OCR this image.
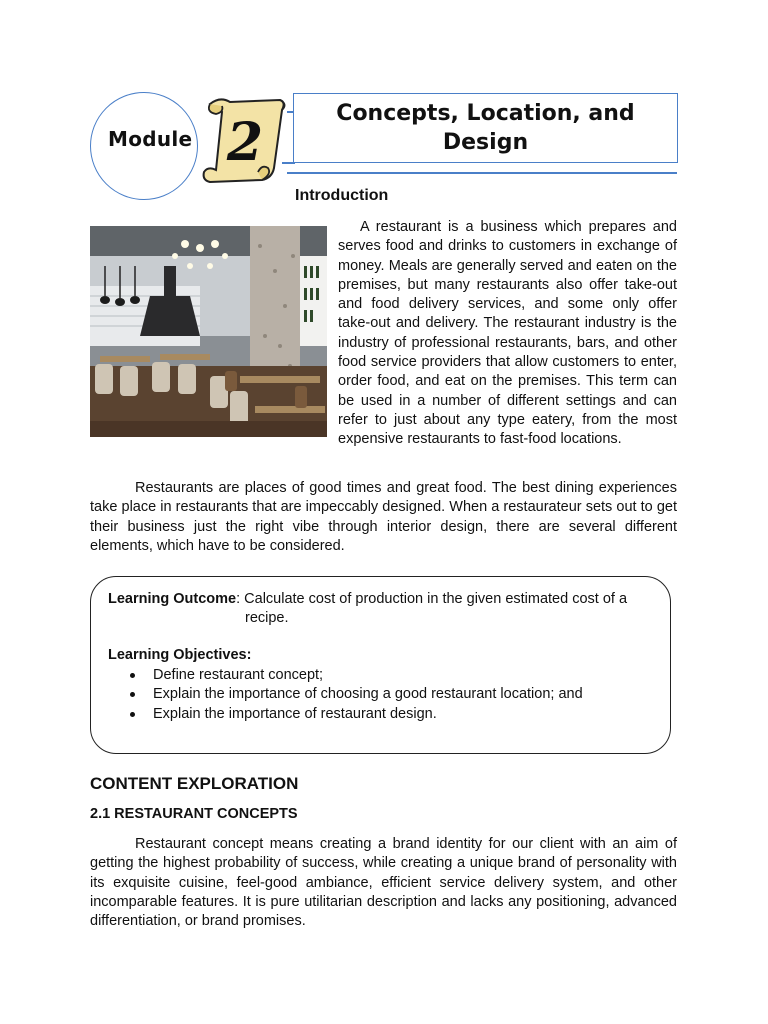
Module 2	Concepts, Location, and Design
Introduction
A restaurant is a business which prepares and serves food and drinks to customers in exchange of money. Meals are generally served and eaten on the premises, but many restaurants also offer take-out and food delivery services, and some only offer take-out and delivery. The restaurant industry is the industry of professional restaurants, bars, and other food service providers that allow customers to enter, order food, and eat on the premises. This term can be used in a number of different settings and can refer to just about any type eatery, from the most expensive restaurants to fast-food locations.
Restaurants are places of good times and great food. The best dining experiences take place in restaurants that are impeccably designed. When a restaurateur sets out to get their business just the right vibe through interior design, there are several different elements, which have to be considered.
Learning Outcome: Calculate cost of production in the given estimated cost of a
recipe.
Learning Objectives:
Define restaurant concept;
Explain the importance of choosing a good restaurant location; and
Explain the importance of restaurant design.
CONTENT EXPLORATION
2.1 RESTAURANT CONCEPTS
Restaurant concept means creating a brand identity for our client with an aim of getting the highest probability of success, while creating a unique brand of personality with its exquisite cuisine, feel-good ambiance, efficient service delivery system, and other incomparable features. It is pure utilitarian description and lacks any positioning, advanced differentiation, or brand promises.
